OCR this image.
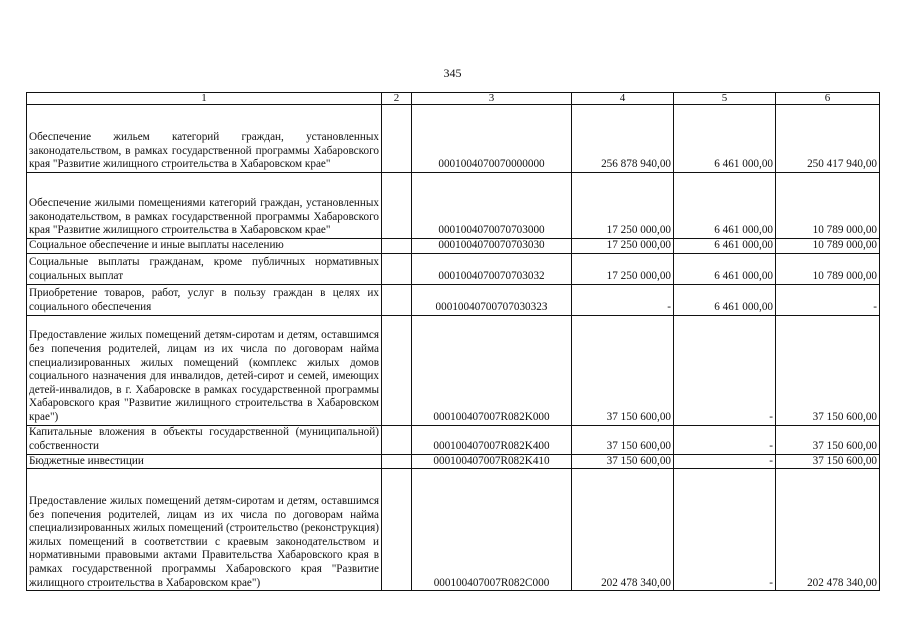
345
1	2	3	4	5	6
Обеспечение жильем категорий граждан, установленных законодательством, в рамках государственной программы Хабаровского края "Развитие жилищного строительства в Хабаровском крае"		0001004070070000000	256 878 940,00	6 461 000,00	250 417 940,00
Обеспечение жилыми помещениями категорий граждан, установленных законодательством, в рамках государственной программы Хабаровского края "Развитие жилищного строительства в Хабаровском крае"		0001004070070703000	17 250 000,00	6 461 000,00	10 789 000,00
Социальное обеспечение и иные выплаты населению		0001004070070703030	17 250 000,00	6 461 000,00	10 789 000,00
Социальные выплаты гражданам, кроме публичных нормативных социальных выплат		0001004070070703032	17 250 000,00	6 461 000,00	10 789 000,00
Приобретение товаров, работ, услуг в пользу граждан в целях их социального обеспечения		0001004070070703032З	-	6 461 000,00	-
Предоставление жилых помещений детям-сиротам и детям, оставшимся без попечения родителей, лицам из их числа по договорам найма специализированных жилых помещений (комплекс жилых домов социального назначения для инвалидов, детей-сирот и семей, имеющих детей-инвалидов, в г. Хабаровске в рамках государственной программы Хабаровского края "Развитие жилищного строительства в Хабаровском крае")		000100407007R082K000	37 150 600,00	-	37 150 600,00
Капитальные вложения в объекты государственной (муниципальной) собственности		000100407007R082K400	37 150 600,00	-	37 150 600,00
Бюджетные инвестиции		000100407007R082K410	37 150 600,00	-	37 150 600,00
Предоставление жилых помещений детям-сиротам и детям, оставшимся без попечения родителей, лицам из их числа по договорам найма специализированных жилых помещений (строительство (реконструкция) жилых помещений в соответствии с краевым законодательством и нормативными правовыми актами Правительства Хабаровского края в рамках государственной программы Хабаровского края "Развитие жилищного строительства в Хабаровском крае")		000100407007R082C000	202 478 340,00	-	202 478 340,00
